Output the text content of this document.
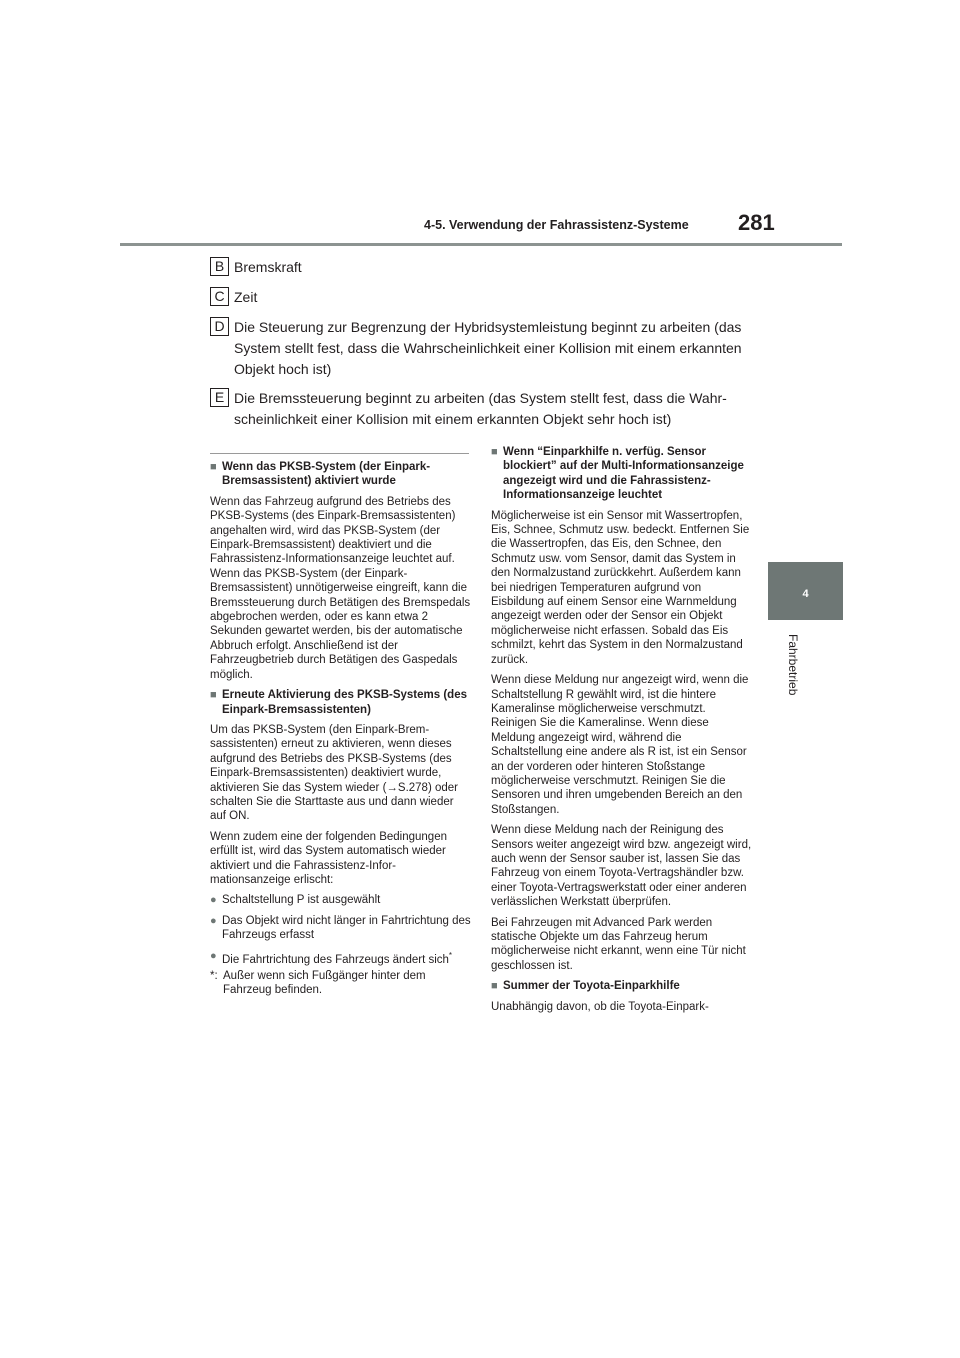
4-5. Verwendung der Fahrassistenz-Systeme 281
4
Fahrbetrieb
B Bremskraft
C Zeit
D Die Steuerung zur Begrenzung der Hybridsystemleistung beginnt zu arbeiten (das System stellt fest, dass die Wahrscheinlichkeit einer Kollision mit einem erkannten Objekt hoch ist)
E Die Bremssteuerung beginnt zu arbeiten (das System stellt fest, dass die Wahrscheinlichkeit einer Kollision mit einem erkannten Objekt sehr hoch ist)
■ Wenn das PKSB-System (der Einpark-Bremsassistent) aktiviert wurde

Wenn das Fahrzeug aufgrund des Betriebs des PKSB-Systems (des Einpark-Bremsassistenten) angehalten wird, wird das PKSB-System (der Einpark-Bremsassistent) deaktiviert und die Fahrassistenz-Informationsanzeige leuchtet auf. Wenn das PKSB-System (der Einpark-Bremsassistent) unnötigerweise eingreift, kann die Bremssteuerung durch Betätigen des Bremspedals abgebrochen werden, oder es kann etwa 2 Sekunden gewartet werden, bis der automatische Abbruch erfolgt. Anschließend ist der Fahrzeugbetrieb durch Betätigen des Gaspedals möglich.

■ Erneute Aktivierung des PKSB-Systems (des Einpark-Bremsassistenten)

Um das PKSB-System (den Einpark-Bremsassistenten) erneut zu aktivieren, wenn dieses aufgrund des Betriebs des PKSB-Systems (des Einpark-Bremsassistenten) deaktiviert wurde, aktivieren Sie das System wieder (→S.278) oder schalten Sie die Starttaste aus und dann wieder auf ON.

Wenn zudem eine der folgenden Bedingungen erfüllt ist, wird das System automatisch wieder aktiviert und die Fahrassistenz-Informationsanzeige erlischt:

● Schaltstellung P ist ausgewählt
● Das Objekt wird nicht länger in Fahrtrichtung des Fahrzeugs erfasst
● Die Fahrtrichtung des Fahrzeugs ändert sich*
*: Außer wenn sich Fußgänger hinter dem Fahrzeug befinden.
■ Wenn “Einparkhilfe n. verfüg. Sensor blockiert” auf der Multi-Informationsanzeige angezeigt wird und die Fahrassistenz-Informationsanzeige leuchtet

Möglicherweise ist ein Sensor mit Wassertropfen, Eis, Schnee, Schmutz usw. bedeckt. Entfernen Sie die Wassertropfen, das Eis, den Schnee, den Schmutz usw. vom Sensor, damit das System in den Normalzustand zurückkehrt. Außerdem kann bei niedrigen Temperaturen aufgrund von Eisbildung auf einem Sensor eine Warnmeldung angezeigt werden oder der Sensor ein Objekt möglicherweise nicht erfassen. Sobald das Eis schmilzt, kehrt das System in den Normalzustand zurück.

Wenn diese Meldung nur angezeigt wird, wenn die Schaltstellung R gewählt wird, ist die hintere Kameralinse möglicherweise verschmutzt. Reinigen Sie die Kameralinse. Wenn diese Meldung angezeigt wird, während die Schaltstellung eine andere als R ist, ist ein Sensor an der vorderen oder hinteren Stoßstange möglicherweise verschmutzt. Reinigen Sie die Sensoren und ihren umgebenden Bereich an den Stoßstangen.

Wenn diese Meldung nach der Reinigung des Sensors weiter angezeigt wird bzw. angezeigt wird, auch wenn der Sensor sauber ist, lassen Sie das Fahrzeug von einem Toyota-Vertragshändler bzw. einer Toyota-Vertragswerkstatt oder einer anderen verlässlichen Werkstatt überprüfen.

Bei Fahrzeugen mit Advanced Park werden statische Objekte um das Fahrzeug herum möglicherweise nicht erkannt, wenn eine Tür nicht geschlossen ist.

■ Summer der Toyota-Einparkhilfe

Unabhängig davon, ob die Toyota-Einpark-
